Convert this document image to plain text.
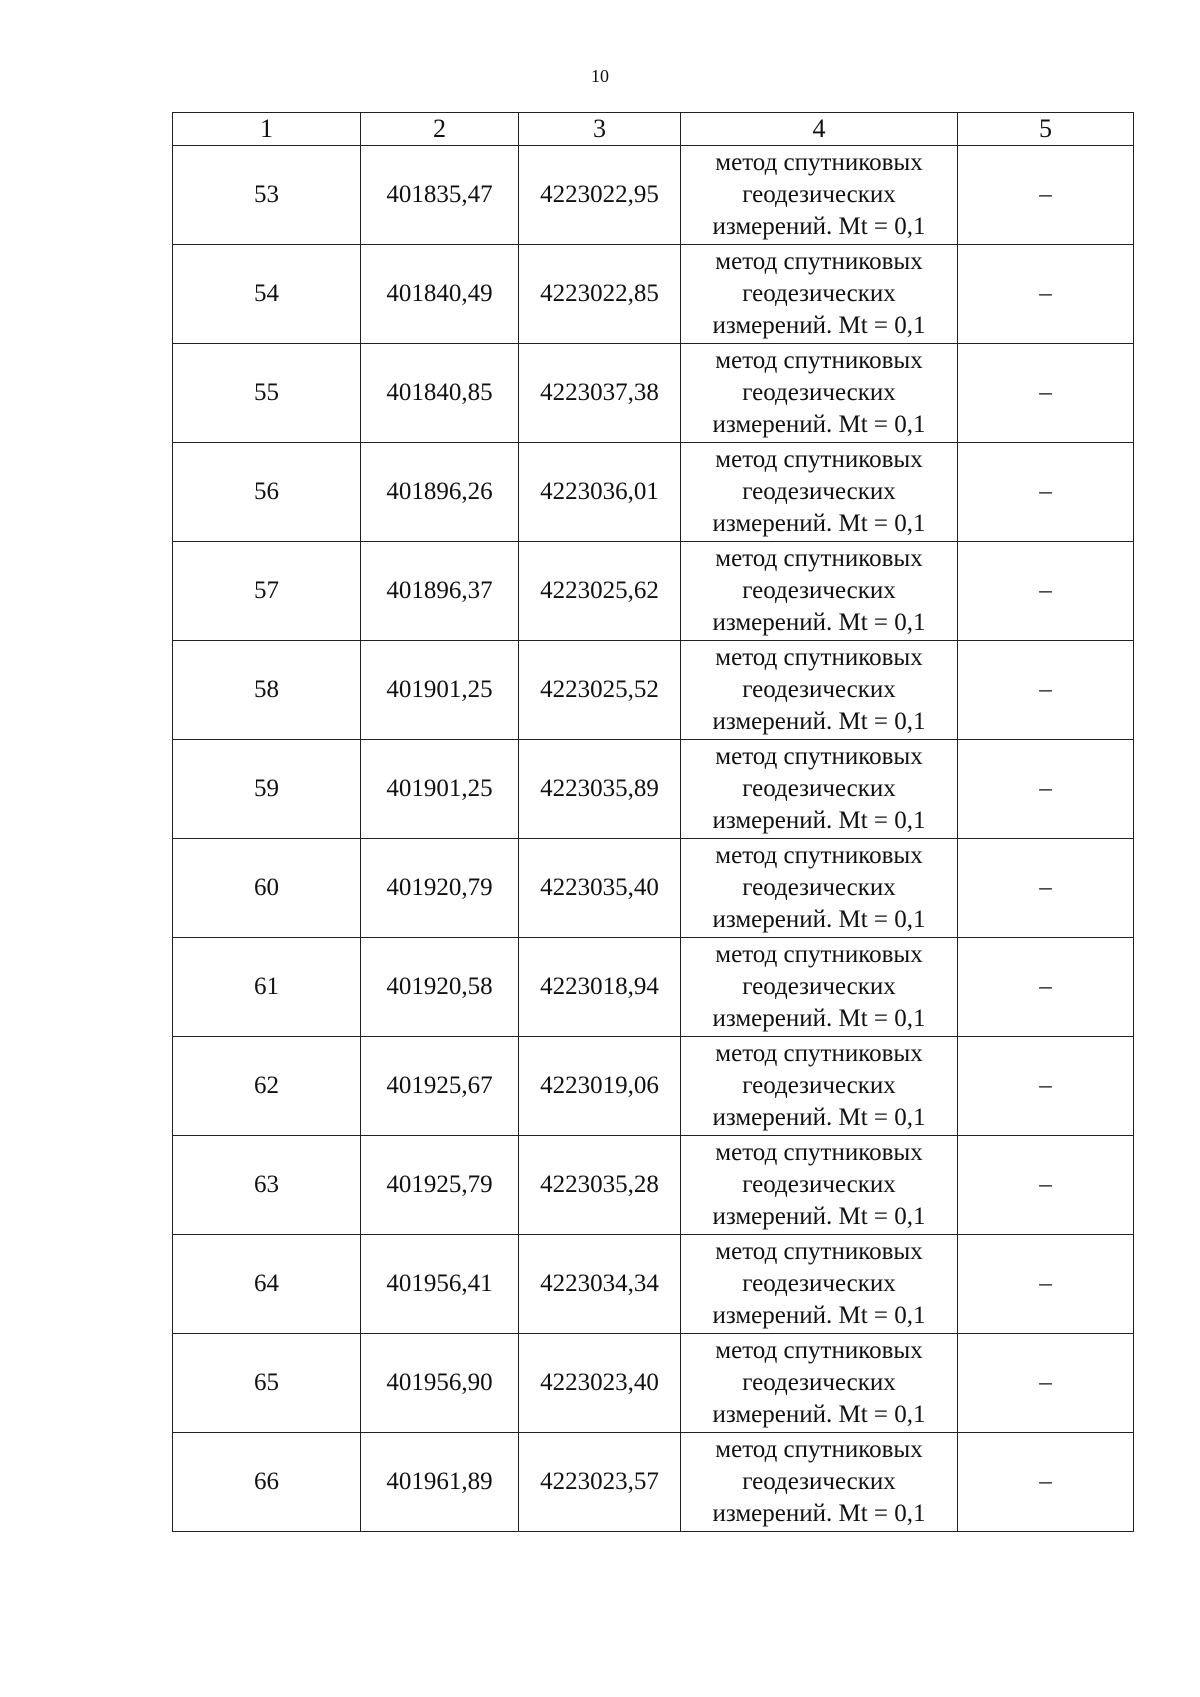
10
1	2	3	4	5
53	401835,47	4223022,95	метод спутниковых
геодезических
измерений. Mt = 0,1	–
54	401840,49	4223022,85	метод спутниковых
геодезических
измерений. Mt = 0,1	–
55	401840,85	4223037,38	метод спутниковых
геодезических
измерений. Mt = 0,1	–
56	401896,26	4223036,01	метод спутниковых
геодезических
измерений. Mt = 0,1	–
57	401896,37	4223025,62	метод спутниковых
геодезических
измерений. Mt = 0,1	–
58	401901,25	4223025,52	метод спутниковых
геодезических
измерений. Mt = 0,1	–
59	401901,25	4223035,89	метод спутниковых
геодезических
измерений. Mt = 0,1	–
60	401920,79	4223035,40	метод спутниковых
геодезических
измерений. Mt = 0,1	–
61	401920,58	4223018,94	метод спутниковых
геодезических
измерений. Mt = 0,1	–
62	401925,67	4223019,06	метод спутниковых
геодезических
измерений. Mt = 0,1	–
63	401925,79	4223035,28	метод спутниковых
геодезических
измерений. Mt = 0,1	–
64	401956,41	4223034,34	метод спутниковых
геодезических
измерений. Mt = 0,1	–
65	401956,90	4223023,40	метод спутниковых
геодезических
измерений. Mt = 0,1	–
66	401961,89	4223023,57	метод спутниковых
геодезических
измерений. Mt = 0,1	–
